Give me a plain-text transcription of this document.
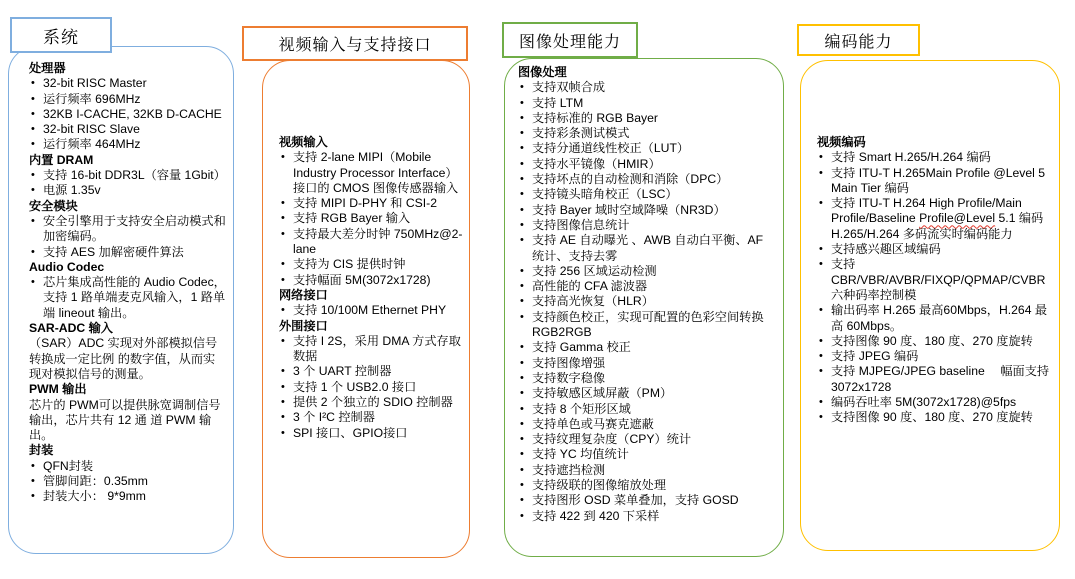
处理器
• 32-bit RISC Master
• 运行频率 696MHz
• 32KB I-CACHE, 32KB D-CACHE
• 32-bit RISC Slave
• 运行频率 464MHz
内置 DRAM
• 支持 16-bit DDR3L（容量 1Gbit）
• 电源 1.35v
安全模块
• 安全引擎用于支持安全启动模式和加密编码。
• 支持 AES 加解密硬件算法
Audio Codec
• 芯片集成高性能的 Audio Codec，支持 1 路单端麦克风输入，1 路单端 lineout 输出。
SAR-ADC 输入
（SAR）ADC 实现对外部模拟信号转换成一定比例 的数字值，从而实现对模拟信号的测量。
PWM 输出
芯片的 PWM可以提供脉宽调制信号输出，芯片共有 12 通 道 PWM 输出。
封装
• QFN封装
• 管脚间距：0.35mm
• 封装大小： 9*9mm
系统
视频输入
• 支持 2-lane MIPI（Mobile Industry Processor Interface）接口的 CMOS 图像传感器输入
• 支持 MIPI D-PHY 和 CSI-2
• 支持 RGB Bayer 输入
• 支持最大差分时钟 750MHz@2-lane
• 支持为 CIS 提供时钟
• 支持幅面 5M(3072x1728)
网络接口
• 支持 10/100M Ethernet PHY
外围接口
• 支持 I 2S，采用 DMA 方式存取数据
• 3 个 UART 控制器
• 支持 1 个 USB2.0 接口
• 提供 2 个独立的 SDIO 控制器
• 3 个 I²C 控制器
• SPI 接口、GPIO接口
视频输入与支持接口
图像处理
• 支持双帧合成
• 支持 LTM
• 支持标准的 RGB Bayer
• 支持彩条测试模式
• 支持分通道线性校正（LUT）
• 支持水平镜像（HMIR）
• 支持坏点的自动检测和消除（DPC）
• 支持镜头暗角校正（LSC）
• 支持 Bayer 域时空域降噪（NR3D）
• 支持图像信息统计
• 支持 AE 自动曝光 、AWB 自动白平衡、AF 统计、支持去雾
• 支持 256 区域运动检测
• 高性能的 CFA 滤波器
• 支持高光恢复（HLR）
• 支持颜色校正，实现可配置的色彩空间转换 RGB2RGB
• 支持 Gamma 校正
• 支持图像增强
• 支持数字稳像
• 支持敏感区域屏蔽（PM）
• 支持 8 个矩形区域
• 支持单色或马赛克遮蔽
• 支持纹理复杂度（CPY）统计
• 支持 YC 均值统计
• 支持遮挡检测
• 支持级联的图像缩放处理
• 支持图形 OSD 菜单叠加，支持 GOSD
• 支持 422 到 420 下采样
图像处理能力
视频编码
• 支持 Smart H.265/H.264 编码
• 支持 ITU-T H.265Main Profile @Level 5 Main Tier 编码
• 支持 ITU-T H.264 High Profile/Main Profile/Baseline Profile@Level 5.1 编码 H.265/H.264 多码流实时编码能力
• 支持感兴趣区域编码
• 支持CBR/VBR/AVBR/FIXQP/QPMAP/CVBR 六种码率控制模
• 输出码率 H.265 最高60Mbps，H.264 最高 60Mbps。
• 支持图像 90 度、180 度、270 度旋转
• 支持 JPEG 编码
• 支持 MJPEG/JPEG baseline　 幅面支持 3072x1728
• 编码吞吐率 5M(3072x1728)@5fps
• 支持图像 90 度、180 度、270 度旋转
编码能力
